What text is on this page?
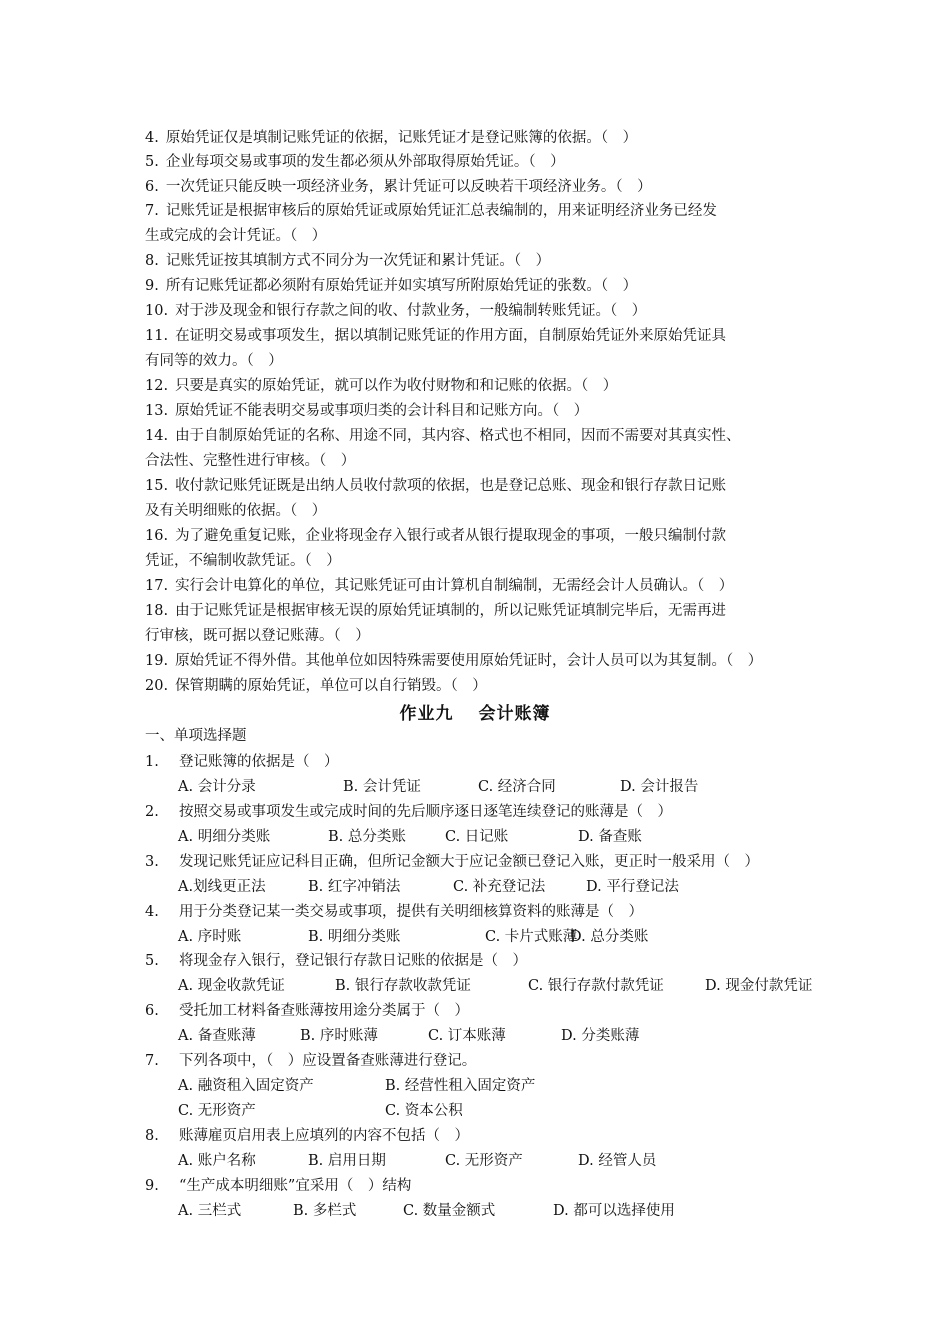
4. 原始凭证仅是填制记账凭证的依据，记账凭证才是登记账簿的依据。（　）
5. 企业每项交易或事项的发生都必须从外部取得原始凭证。（　）
6. 一次凭证只能反映一项经济业务，累计凭证可以反映若干项经济业务。（　）
7. 记账凭证是根据审核后的原始凭证或原始凭证汇总表编制的，用来证明经济业务已经发
生或完成的会计凭证。（　）
8. 记账凭证按其填制方式不同分为一次凭证和累计凭证。（　）
9. 所有记账凭证都必须附有原始凭证并如实填写所附原始凭证的张数。（　）
10. 对于涉及现金和银行存款之间的收、付款业务，一般编制转账凭证。（　）
11. 在证明交易或事项发生，据以填制记账凭证的作用方面，自制原始凭证外来原始凭证具
有同等的效力。（　）
12. 只要是真实的原始凭证，就可以作为收付财物和和记账的依据。（　）
13. 原始凭证不能表明交易或事项归类的会计科目和记账方向。（　）
14. 由于自制原始凭证的名称、用途不同，其内容、格式也不相同，因而不需要对其真实性、
合法性、完整性进行审核。（　）
15. 收付款记账凭证既是出纳人员收付款项的依据，也是登记总账、现金和银行存款日记账
及有关明细账的依据。（　）
16. 为了避免重复记账，企业将现金存入银行或者从银行提取现金的事项，一般只编制付款
凭证，不编制收款凭证。（　）
17. 实行会计电算化的单位，其记账凭证可由计算机自制编制，无需经会计人员确认。（　）
18. 由于记账凭证是根据审核无误的原始凭证填制的，所以记账凭证填制完毕后，无需再进
行审核，既可据以登记账薄。（　）
19. 原始凭证不得外借。其他单位如因特殊需要使用原始凭证时，会计人员可以为其复制。（　）
20. 保管期瞒的原始凭证，单位可以自行销毁。（　）
作业九　 会计账簿
一、单项选择题
1. 登记账簿的依据是（　）
A. 会计分录	B. 会计凭证	C. 经济合同	D. 会计报告
2. 按照交易或事项发生或完成时间的先后顺序逐日逐笔连续登记的账薄是（　）
A. 明细分类账	B. 总分类账	C. 日记账	D. 备查账
3. 发现记账凭证应记科目正确，但所记金额大于应记金额已登记入账，更正时一般采用（　）
A.划线更正法	B. 红字冲销法	C. 补充登记法	D. 平行登记法
4. 用于分类登记某一类交易或事项，提供有关明细核算资料的账薄是（　）
A. 序时账	B. 明细分类账	C. 卡片式账薄
D. 总分类账
5. 将现金存入银行，登记银行存款日记账的依据是（　）
A. 现金收款凭证	B. 银行存款收款凭证	C. 银行存款付款凭证	D. 现金付款凭证
6. 受托加工材料备查账薄按用途分类属于（　）
A. 备查账薄	B. 序时账薄	C. 订本账薄	D. 分类账薄
7. 下列各项中，（　）应设置备查账薄进行登记。
A. 融资租入固定资产	B. 经营性租入固定资产
C. 无形资产	C. 资本公积
8. 账薄雇页启用表上应填列的内容不包括（　）
A. 账户名称	B. 启用日期	C. 无形资产	D. 经管人员
9. “生产成本明细账”宜采用（　）结构
A. 三栏式	B. 多栏式	C. 数量金额式	D. 都可以选择使用
